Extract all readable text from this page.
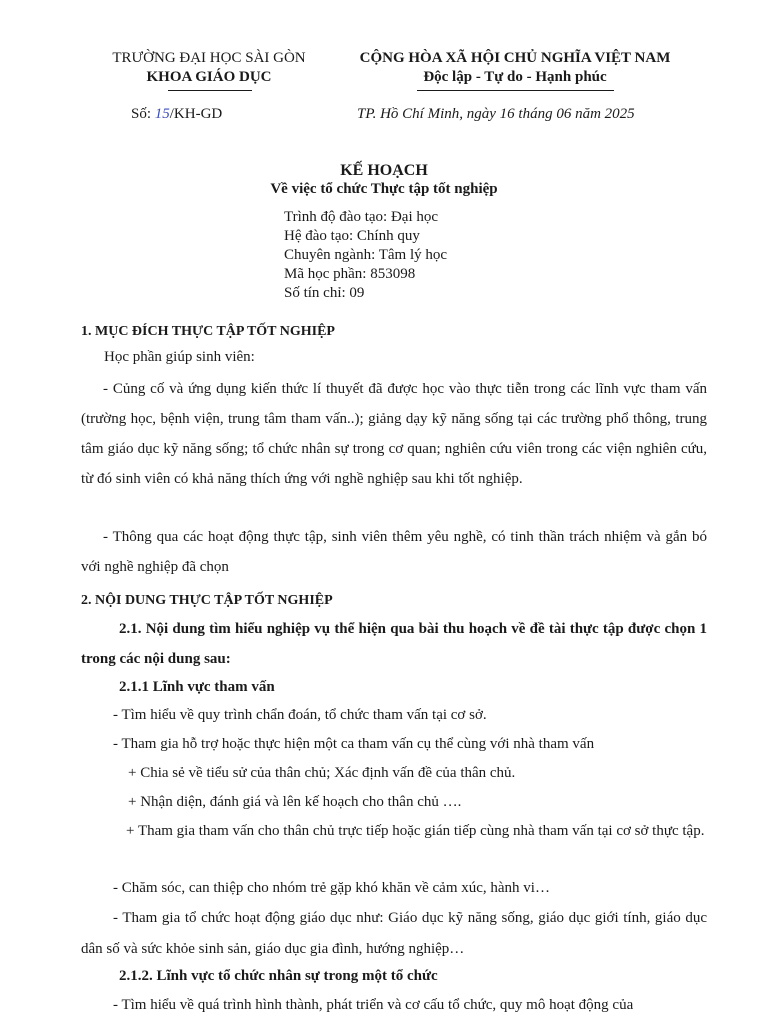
TRƯỜNG ĐẠI HỌC SÀI GÒN
KHOA GIÁO DỤC
Số: 15/KH-GD
CỘNG HÒA XÃ HỘI CHỦ NGHĨA VIỆT NAM
Độc lập - Tự do - Hạnh phúc
TP. Hồ Chí Minh, ngày 16 tháng 06 năm 2025
KẾ HOẠCH
Về việc tổ chức Thực tập tốt nghiệp
Trình độ đào tạo: Đại học
Hệ đào tạo: Chính quy
Chuyên ngành: Tâm lý học
Mã học phần: 853098
Số tín chỉ: 09
1. MỤC ĐÍCH THỰC TẬP TỐT NGHIỆP
Học phần giúp sinh viên:
- Củng cố và ứng dụng kiến thức lí thuyết đã được học vào thực tiễn trong các lĩnh vực tham vấn (trường học, bệnh viện, trung tâm tham vấn..); giảng dạy kỹ năng sống tại các trường phổ thông, trung tâm giáo dục kỹ năng sống; tổ chức nhân sự trong cơ quan; nghiên cứu viên trong các viện nghiên cứu, từ đó sinh viên có khả năng thích ứng với nghề nghiệp sau khi tốt nghiệp.
- Thông qua các hoạt động thực tập, sinh viên thêm yêu nghề, có tinh thần trách nhiệm và gắn bó với nghề nghiệp đã chọn
2. NỘI DUNG THỰC TẬP TỐT NGHIỆP
2.1. Nội dung tìm hiểu nghiệp vụ thể hiện qua bài thu hoạch về đề tài thực tập được chọn 1 trong các nội dung sau:
2.1.1 Lĩnh vực tham vấn
- Tìm hiểu về quy trình chẩn đoán, tổ chức tham vấn tại cơ sở.
- Tham gia hỗ trợ hoặc thực hiện một ca tham vấn cụ thể cùng với nhà tham vấn
+ Chia sẻ về tiểu sử của thân chủ; Xác định vấn đề của thân chủ.
+ Nhận diện, đánh giá và lên kế hoạch cho thân chủ ….
+ Tham gia tham vấn cho thân chủ trực tiếp hoặc gián tiếp cùng nhà tham vấn tại cơ sở thực tập.
- Chăm sóc, can thiệp cho nhóm trẻ gặp khó khăn về cảm xúc, hành vi…
- Tham gia tổ chức hoạt động giáo dục như: Giáo dục kỹ năng sống, giáo dục giới tính, giáo dục dân số và sức khỏe sinh sản, giáo dục gia đình, hướng nghiệp…
2.1.2. Lĩnh vực tổ chức nhân sự trong một tổ chức
- Tìm hiểu về quá trình hình thành, phát triển và cơ cấu tổ chức, quy mô hoạt động của
